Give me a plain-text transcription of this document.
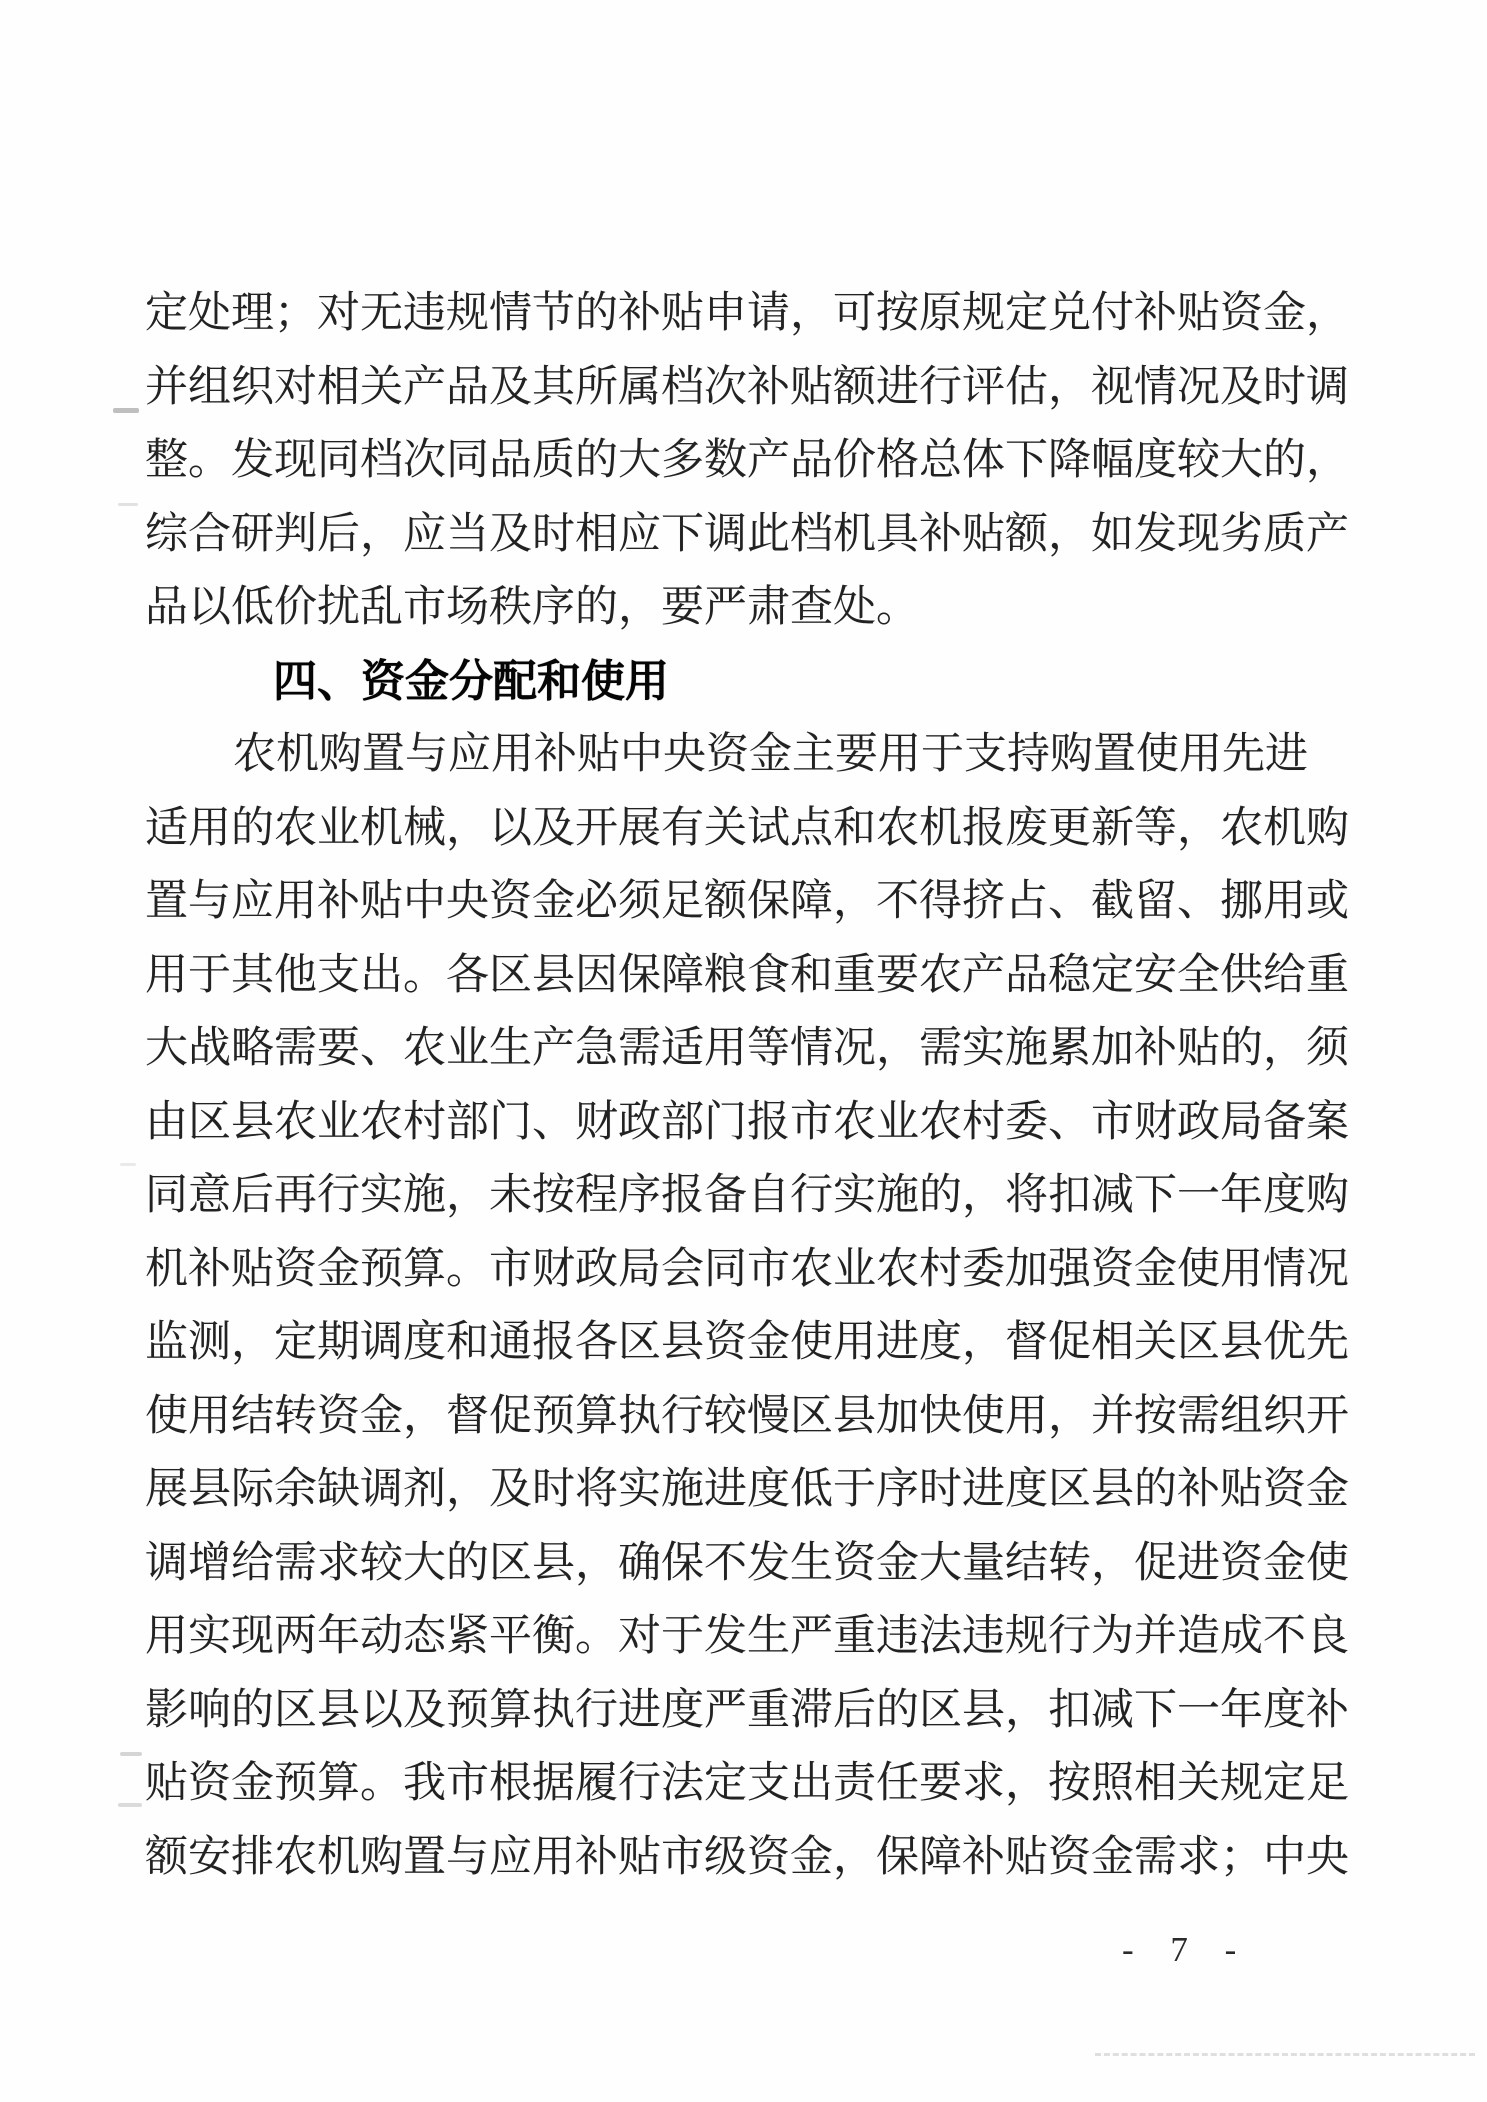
定处理；对无违规情节的补贴申请，可按原规定兑付补贴资金，
并组织对相关产品及其所属档次补贴额进行评估，视情况及时调
整。发现同档次同品质的大多数产品价格总体下降幅度较大的，
综合研判后，应当及时相应下调此档机具补贴额，如发现劣质产
品以低价扰乱市场秩序的，要严肃查处。
四、资金分配和使用
农机购置与应用补贴中央资金主要用于支持购置使用先进
适用的农业机械，以及开展有关试点和农机报废更新等，农机购
置与应用补贴中央资金必须足额保障，不得挤占、截留、挪用或
用于其他支出。各区县因保障粮食和重要农产品稳定安全供给重
大战略需要、农业生产急需适用等情况，需实施累加补贴的，须
由区县农业农村部门、财政部门报市农业农村委、市财政局备案
同意后再行实施，未按程序报备自行实施的，将扣减下一年度购
机补贴资金预算。市财政局会同市农业农村委加强资金使用情况
监测，定期调度和通报各区县资金使用进度，督促相关区县优先
使用结转资金，督促预算执行较慢区县加快使用，并按需组织开
展县际余缺调剂，及时将实施进度低于序时进度区县的补贴资金
调增给需求较大的区县，确保不发生资金大量结转，促进资金使
用实现两年动态紧平衡。对于发生严重违法违规行为并造成不良
影响的区县以及预算执行进度严重滞后的区县，扣减下一年度补
贴资金预算。我市根据履行法定支出责任要求，按照相关规定足
额安排农机购置与应用补贴市级资金，保障补贴资金需求；中央
- 7 -
